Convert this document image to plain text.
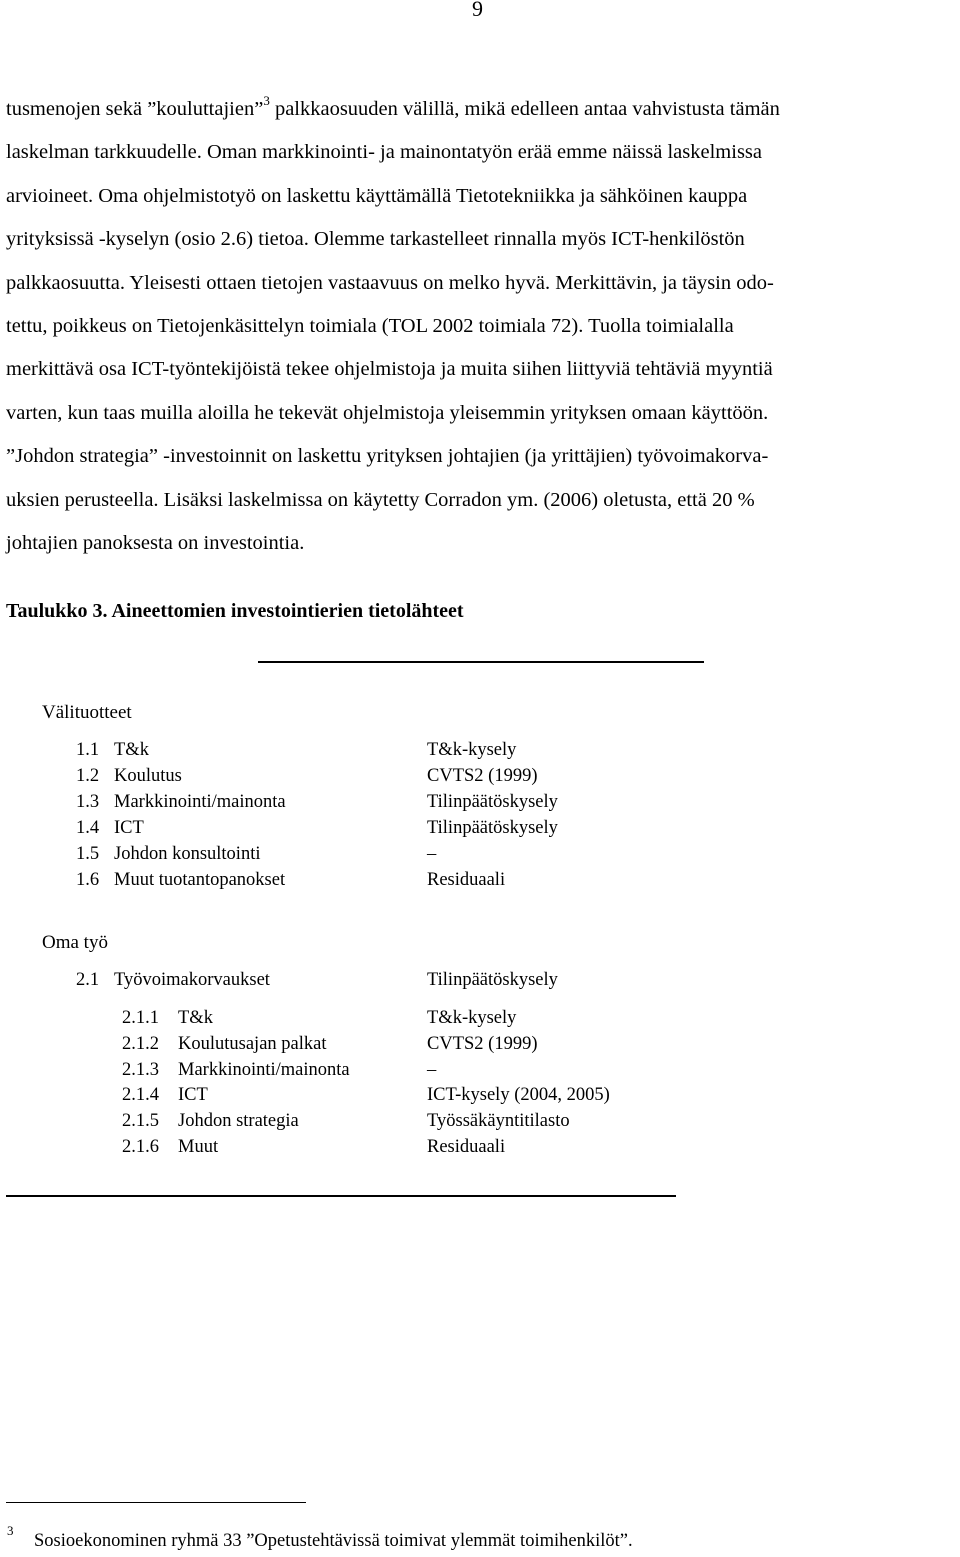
9
tusmenojen sekä ”kouluttajien”$^3$ palkkaosuuden välillä, mikä edelleen antaa vahvistusta tämän
laskelman tarkkuudelle. Oman markkinointi- ja mainontatyön erää emme näissä laskelmissa
arvioineet. Oma ohjelmistotyö on laskettu käyttämällä Tietotekniikka ja sähköinen kauppa
yrityksissä -kyselyn (osio 2.6) tietoa. Olemme tarkastelleet rinnalla myös ICT-henkilöstön
palkkaosuutta. Yleisesti ottaen tietojen vastaavuus on melko hyvä. Merkittävin, ja täysin odo-
tettu, poikkeus on Tietojenkäsittelyn toimiala (TOL 2002 toimiala 72). Tuolla toimialalla
merkittävä osa ICT-työntekijöistä tekee ohjelmistoja ja muita siihen liittyviä tehtäviä myyntiä
varten, kun taas muilla aloilla he tekevät ohjelmistoja yleisemmin yrityksen omaan käyttöön.
”Johdon strategia” -investoinnit on laskettu yrityksen johtajien (ja yrittäjien) työvoimakorva-
uksien perusteella. Lisäksi laskelmissa on käytetty Corradon ym. (2006) oletusta, että 20 %
johtajien panoksesta on investointia.
Taulukko 3. Aineettomien investointierien tietolähteet
Välituotteet
1.1 T&k	T&k-kysely
1.2 Koulutus	CVTS2 (1999)
1.3 Markkinointi/mainonta	Tilinpäätöskysely
1.4 ICT	Tilinpäätöskysely
1.5 Johdon konsultointi	–
1.6 Muut tuotantopanokset	Residuaali
Oma työ
2.1 Työvoimakorvaukset	Tilinpäätöskysely
2.1.1 T&k	T&k-kysely
2.1.2 Koulutusajan palkat	CVTS2 (1999)
2.1.3 Markkinointi/mainonta	–
2.1.4 ICT	ICT-kysely (2004, 2005)
2.1.5 Johdon strategia	Työssäkäyntitilasto
2.1.6 Muut	Residuaali
3
Sosioekonominen ryhmä 33 ”Opetustehtävissä toimivat ylemmät toimihenkilöt”.
